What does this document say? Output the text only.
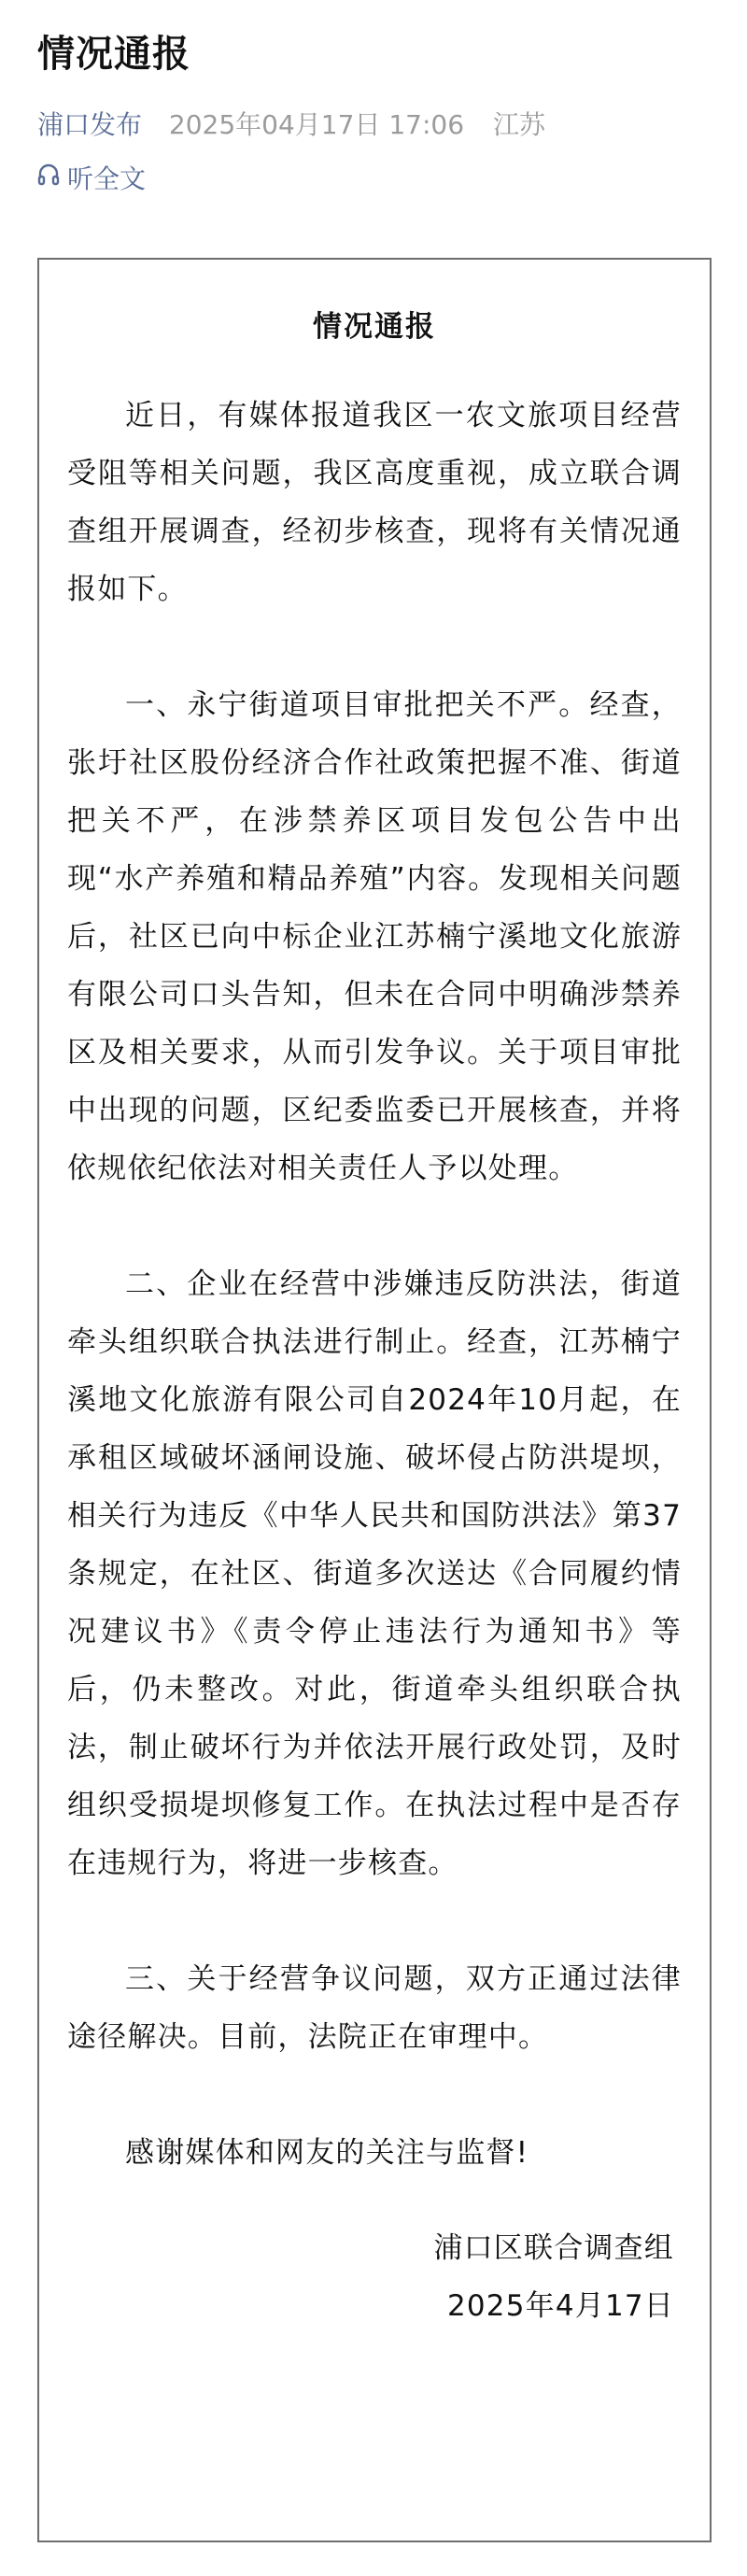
情况通报
浦口发布 2025年04月17日 17:06 江苏
听全文
情况通报

近日，有媒体报道我区一农文旅项目经营受阻等相关问题，我区高度重视，成立联合调查组开展调查，经初步核查，现将有关情况通报如下。

一、永宁街道项目审批把关不严。经查，张圩社区股份经济合作社政策把握不准、街道把关不严，在涉禁养区项目发包公告中出现“水产养殖和精品养殖”内容。发现相关问题后，社区已向中标企业江苏楠宁溪地文化旅游有限公司口头告知，但未在合同中明确涉禁养区及相关要求，从而引发争议。关于项目审批中出现的问题，区纪委监委已开展核查，并将依规依纪依法对相关责任人予以处理。

二、企业在经营中涉嫌违反防洪法，街道牵头组织联合执法进行制止。经查，江苏楠宁溪地文化旅游有限公司自2024年10月起，在承租区域破坏涵闸设施、破坏侵占防洪堤坝，相关行为违反《中华人民共和国防洪法》第37条规定，在社区、街道多次送达《合同履约情况建议书》《责令停止违法行为通知书》等后，仍未整改。对此，街道牵头组织联合执法，制止破坏行为并依法开展行政处罚，及时组织受损堤坝修复工作。在执法过程中是否存在违规行为，将进一步核查。

三、关于经营争议问题，双方正通过法律途径解决。目前，法院正在审理中。

感谢媒体和网友的关注与监督!

浦口区联合调查组

2025年4月17日
